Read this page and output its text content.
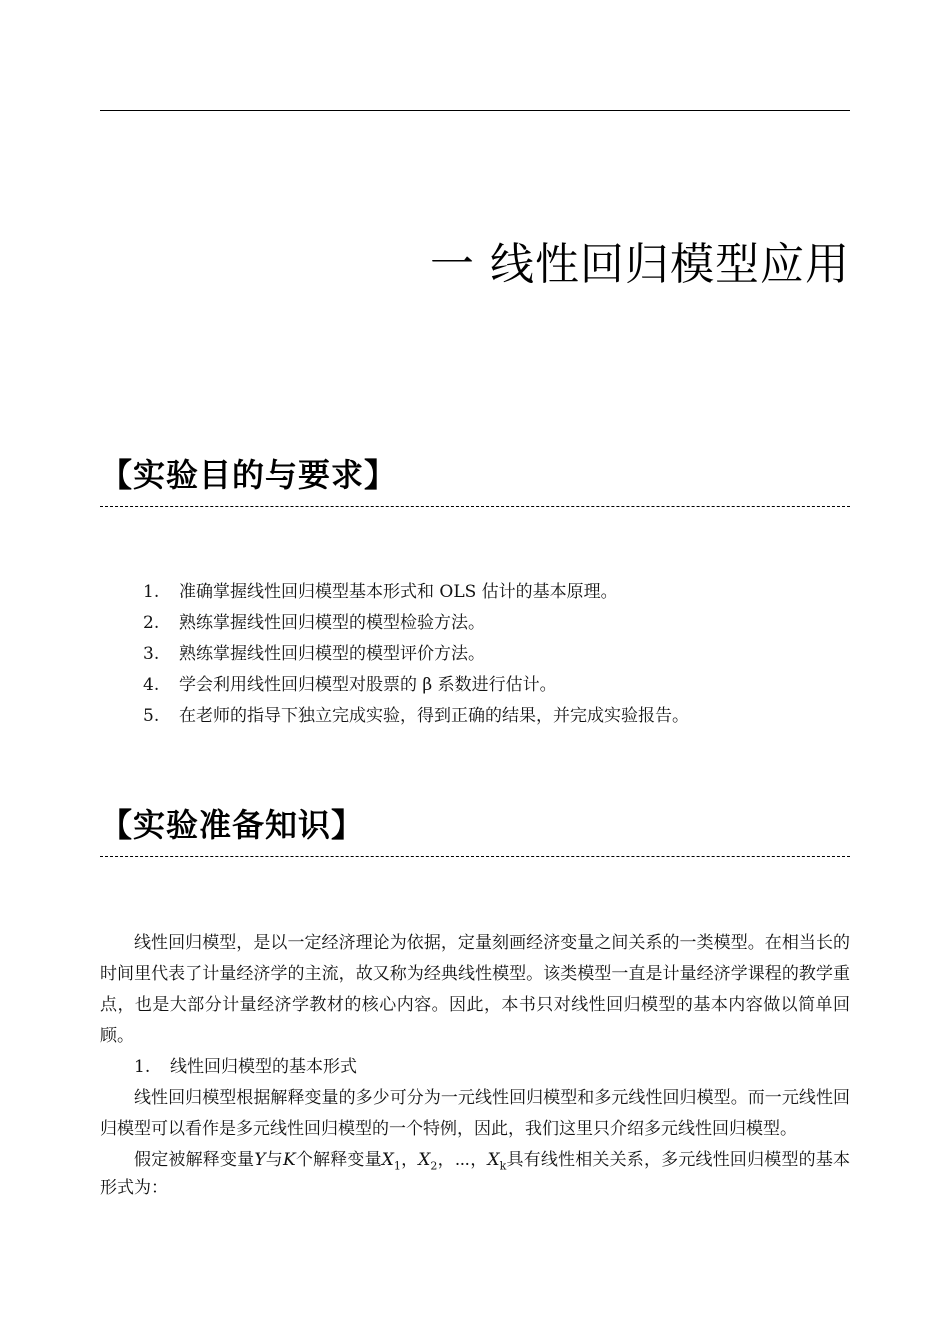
一 线性回归模型应用
【实验目的与要求】
1. 准确掌握线性回归模型基本形式和 OLS 估计的基本原理。
2. 熟练掌握线性回归模型的模型检验方法。
3. 熟练掌握线性回归模型的模型评价方法。
4. 学会利用线性回归模型对股票的 β 系数进行估计。
5. 在老师的指导下独立完成实验，得到正确的结果，并完成实验报告。
【实验准备知识】

线性回归模型，是以一定经济理论为依据，定量刻画经济变量之间关系的一类模型。在相当长的时间里代表了计量经济学的主流，故又称为经典线性模型。该类模型一直是计量经济学课程的教学重点，也是大部分计量经济学教材的核心内容。因此，本书只对线性回归模型的基本内容做以简单回顾。

1. 线性回归模型的基本形式

线性回归模型根据解释变量的多少可分为一元线性回归模型和多元线性回归模型。而一元线性回归模型可以看作是多元线性回归模型的一个特例，因此，我们这里只介绍多元线性回归模型。

假定被解释变量Y与K个解释变量$X_1$，$X_2$，⋯，$X_k$具有线性相关关系，多元线性回归模型的基本形式为：
